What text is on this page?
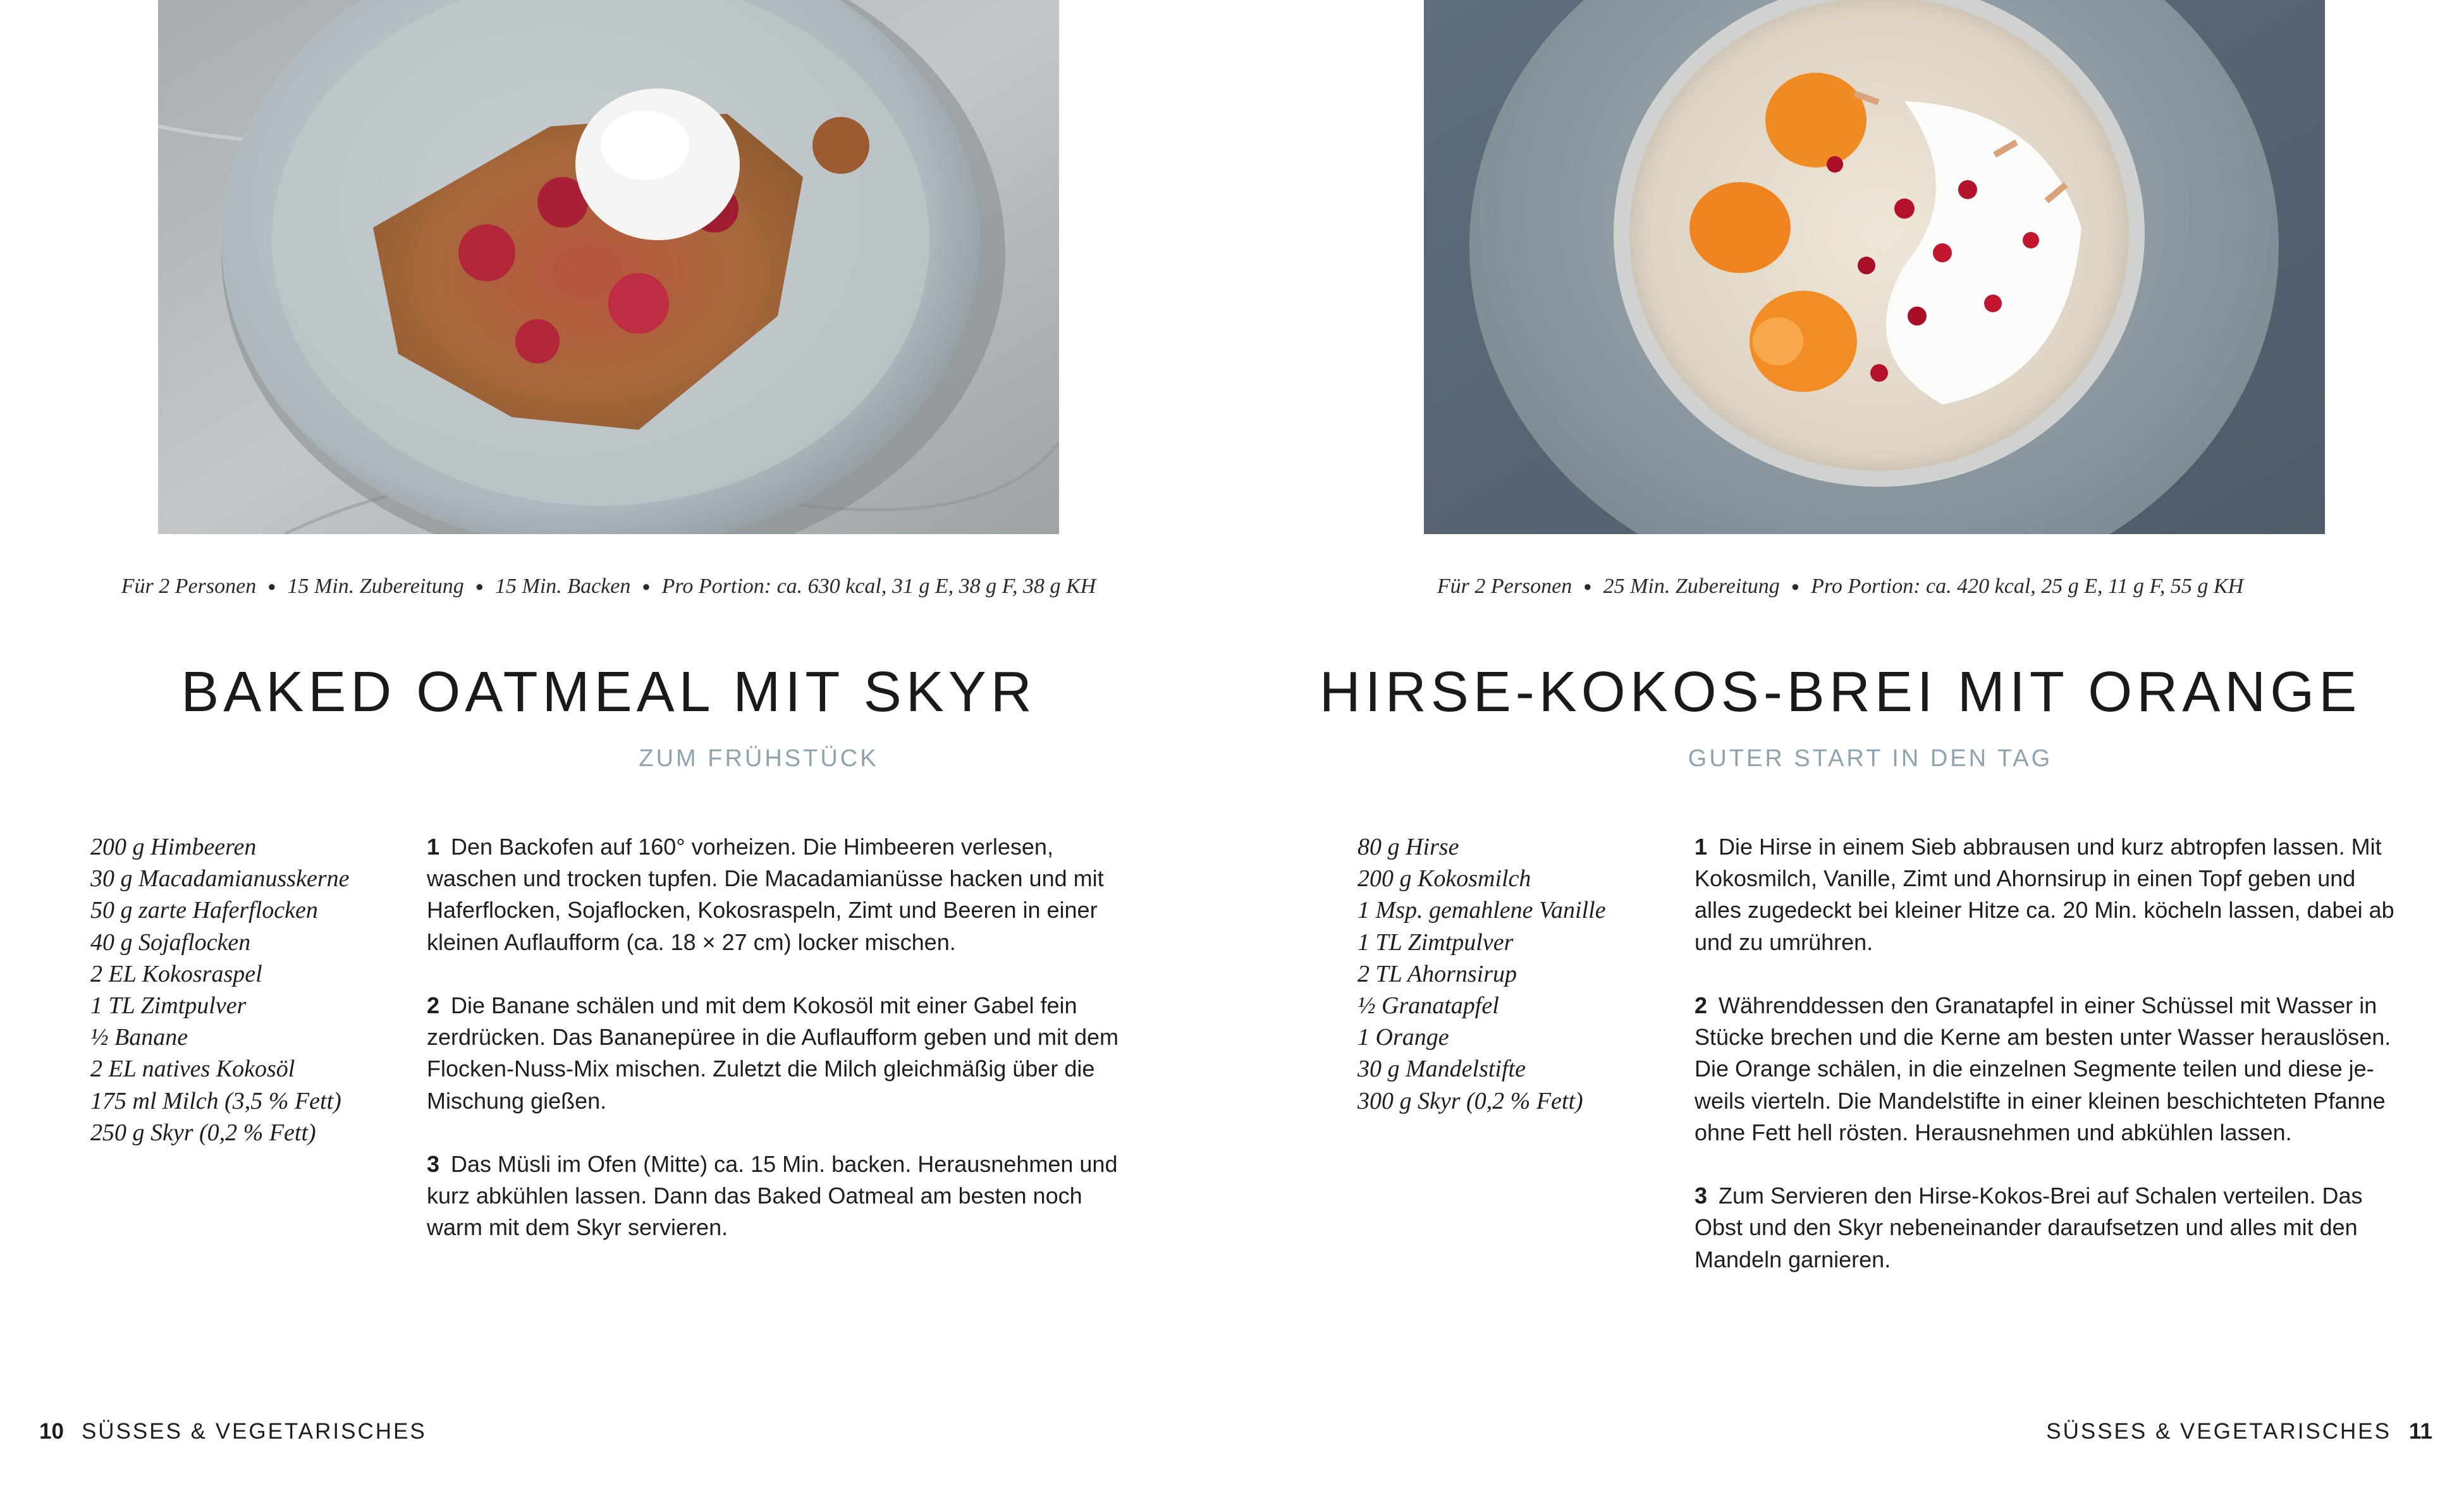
Für 2 Personen ● 15 Min. Zubereitung ● 15 Min. Backen ● Pro Portion: ca. 630 kcal, 31 g E, 38 g F, 38 g KH
BAKED OATMEAL MIT SKYR
ZUM FRÜHSTÜCK
200 g Himbeeren
30 g Macadamianusskerne
50 g zarte Haferflocken
40 g Sojaflocken
2 EL Kokosraspel
1 TL Zimtpulver
½ Banane
2 EL natives Kokosöl
175 ml Milch (3,5 % Fett)
250 g Skyr (0,2 % Fett)

1 Den Backofen auf 160° vorheizen. Die Himbeeren verlesen, waschen und trocken tupfen. Die Macadamianüsse hacken und mit Haferflocken, Sojaflocken, Kokosraspeln, Zimt und Beeren in einer kleinen Auflaufform (ca. 18 × 27 cm) locker mischen.

2 Die Banane schälen und mit dem Kokosöl mit einer Gabel fein zerdrücken. Das Bananepüree in die Auflaufform geben und mit dem Flocken-Nuss-Mix mischen. Zuletzt die Milch gleichmäßig über die Mischung gießen.

3 Das Müsli im Ofen (Mitte) ca. 15 Min. backen. Herausnehmen und kurz abkühlen lassen. Dann das Baked Oatmeal am besten noch warm mit dem Skyr servieren.

10 SÜSSES & VEGETARISCHES
Für 2 Personen ● 25 Min. Zubereitung ● Pro Portion: ca. 420 kcal, 25 g E, 11 g F, 55 g KH
HIRSE-KOKOS-BREI MIT ORANGE
GUTER START IN DEN TAG
80 g Hirse
200 g Kokosmilch
1 Msp. gemahlene Vanille
1 TL Zimtpulver
2 TL Ahornsirup
½ Granatapfel
1 Orange
30 g Mandelstifte
300 g Skyr (0,2 % Fett)

1 Die Hirse in einem Sieb abbrausen und kurz abtropfen lassen. Mit Kokosmilch, Vanille, Zimt und Ahornsirup in einen Topf geben und alles zugedeckt bei kleiner Hitze ca. 20 Min. köcheln lassen, dabei ab und zu umrühren.

2 Währenddessen den Granatapfel in einer Schüssel mit Wasser in Stücke brechen und die Kerne am besten unter Wasser herauslösen. Die Orange schälen, in die einzelnen Segmente teilen und diese je-weils vierteln. Die Mandelstifte in einer kleinen beschichteten Pfanne ohne Fett hell rösten. Herausnehmen und abkühlen lassen.

3 Zum Servieren den Hirse-Kokos-Brei auf Schalen verteilen. Das Obst und den Skyr nebeneinander daraufsetzen und alles mit den Mandeln garnieren.

SÜSSES & VEGETARISCHES 11
